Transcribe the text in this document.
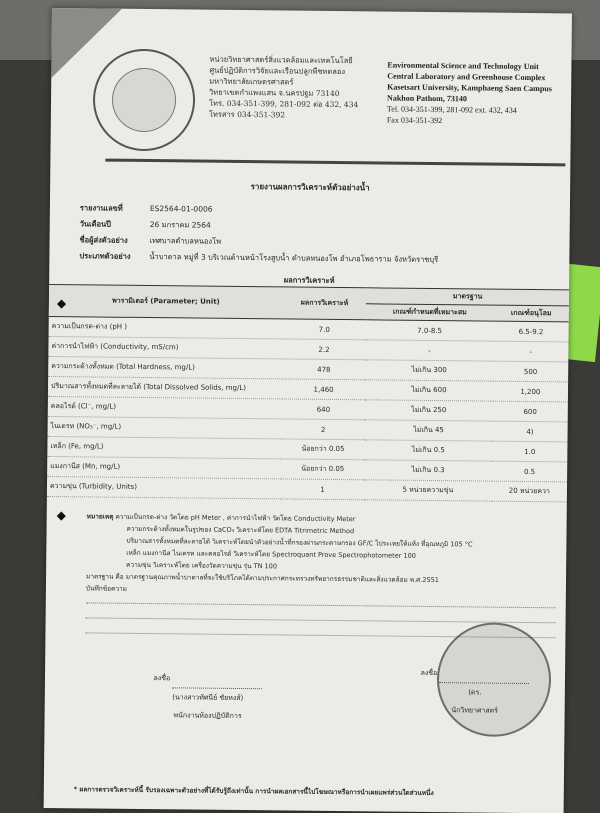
หน่วยวิทยาศาสตร์สิ่งแวดล้อมและเทคโนโลยี
ศูนย์ปฏิบัติการวิจัยและเรือนปลูกพืชทดลอง
มหาวิทยาลัยเกษตรศาสตร์
วิทยาเขตกำแพงแสน จ.นครปฐม 73140
โทร. 034-351-399, 281-092 ต่อ 432, 434
โทรสาร 034-351-392
Environmental Science and Technology Unit
Central Laboratory and Greenhouse Complex
Kasetsart University, Kamphaeng Saen Campus
Nakhon Pathom, 73140
Tel. 034-351-399, 281-092 ext. 432, 434
Fax 034-351-392
รายงานผลการวิเคราะห์ตัวอย่างน้ำ
รายงานเลขที่	ES2564-01-0006
วันเดือนปี	26 มกราคม 2564
ชื่อผู้ส่งตัวอย่าง	เทศบาลตำบลหนองโพ
ประเภทตัวอย่าง	น้ำบาดาล หมู่ที่ 3 บริเวณด้านหน้าโรงสูบน้ำ ตำบลหนองโพ อำเภอโพธาราม จังหวัดราชบุรี
ผลการวิเคราะห์
พารามิเตอร์ (Parameter; Unit)	ผลการวิเคราะห์	มาตรฐาน	
		เกณฑ์กำหนดที่เหมาะสม	เกณฑ์อนุโลม
ความเป็นกรด-ด่าง (pH )	7.0	7.0-8.5	6.5-9.2
ค่าการนำไฟฟ้า (Conductivity, mS/cm)	2.2	-	-
ความกระด้างทั้งหมด (Total Hardness, mg/L)	478	ไม่เกิน 300	500
ปริมาณสารทั้งหมดที่ละลายได้ (Total Dissolved Solids, mg/L)	1,460	ไม่เกิน 600	1,200
คลอไรด์ (Cl⁻, mg/L)	640	ไม่เกิน 250	600
ไนเตรท (NO₃⁻, mg/L)	2	ไม่เกิน 45	4)
เหล็ก (Fe, mg/L)	น้อยกว่า 0.05	ไม่เกิน 0.5	1.0
แมงกานีส (Mn, mg/L)	น้อยกว่า 0.05	ไม่เกิน 0.3	0.5
ความขุ่น (Turbidity, Units)	1	5 หน่วยความขุ่น	20 หน่วยควา
หมายเหตุ ความเป็นกรด-ด่าง วัดโดย pH Meter , ค่าการนำไฟฟ้า วัดโดย Conductivity Meter
ความกระด้างทั้งหมดในรูปของ CaCO₃ วิเคราะห์โดย EDTA Titrimetric Method
ปริมาณสารทั้งหมดที่ละลายได้ วิเคราะห์โดยนำตัวอย่างน้ำที่กรองผ่านกระดาษกรอง GF/C ไประเหยให้แห้ง ที่อุณหภูมิ 105 °C
เหล็ก แมงกานีส ไนเตรท และคลอไรด์ วิเคราะห์โดย Spectroquant Prove Spectrophotometer 100
ความขุ่น วิเคราะห์โดย เครื่องวัดความขุ่น รุ่น TN 100
มาตรฐาน คือ มาตรฐานคุณภาพน้ำบาดาลที่จะใช้บริโภคได้ตามประกาศกระทรวงทรัพยากรธรรมชาติและสิ่งแวดล้อม พ.ศ.2551
บันทึกข้อความ

ลงชื่อ
(นางสาวทัศนีย์ ชัยหงส์)
พนักงานห้องปฏิบัติการ
ลงชื่อ
(ดร.
นักวิทยาศาสตร์
* ผลการตรวจวิเคราะห์นี้ รับรองเฉพาะตัวอย่างที่ได้รับรู้ถึงเท่านั้น การนำผลเอกสารนี้ไปโฆษณาหรือการนำเผยแพร่ส่วนใดส่วนหนึ่ง
◆
◆
